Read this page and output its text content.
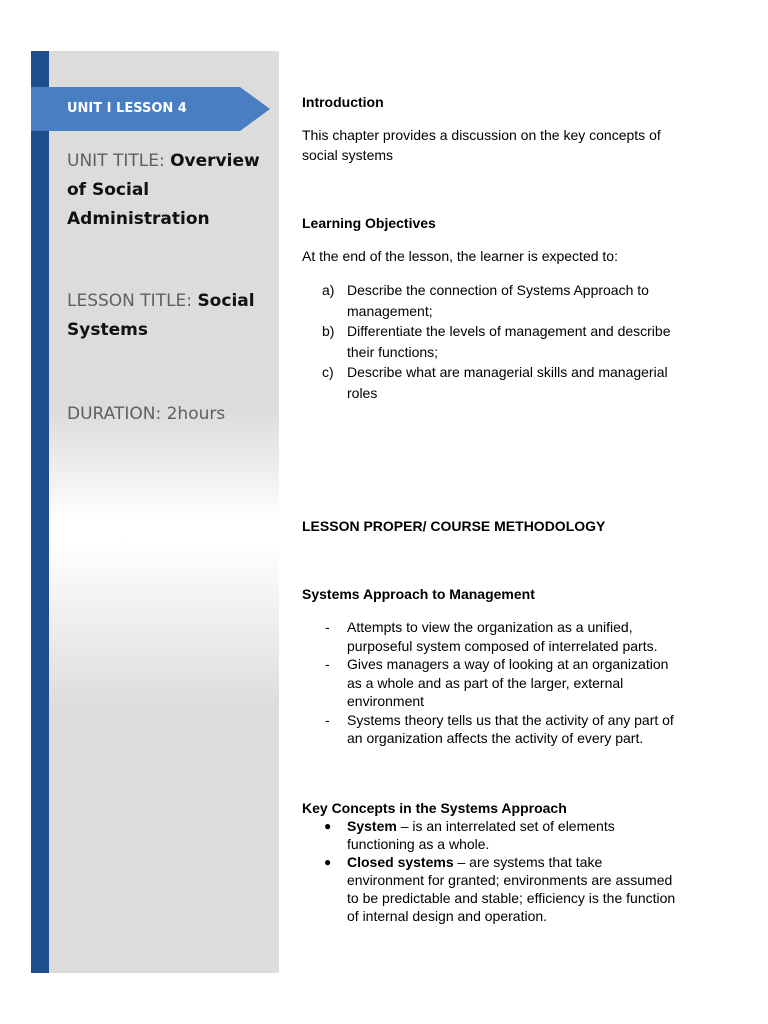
UNIT I LESSON 4
UNIT TITLE: Overview of Social Administration
LESSON TITLE: Social Systems
DURATION: 2hours
Introduction
This chapter provides a discussion on the key concepts of social systems
Learning Objectives
At the end of the lesson, the learner is expected to:
a) Describe the connection of Systems Approach to management;
b) Differentiate the levels of management and describe their functions;
c) Describe what are managerial skills and managerial roles
LESSON PROPER/ COURSE METHODOLOGY
Systems Approach to Management
- Attempts to view the organization as a unified, purposeful system composed of interrelated parts.
- Gives managers a way of looking at an organization as a whole and as part of the larger, external environment
- Systems theory tells us that the activity of any part of an organization affects the activity of every part.
Key Concepts in the Systems Approach
● System – is an interrelated set of elements functioning as a whole.
● Closed systems – are systems that take environment for granted; environments are assumed to be predictable and stable; efficiency is the function of internal design and operation.
